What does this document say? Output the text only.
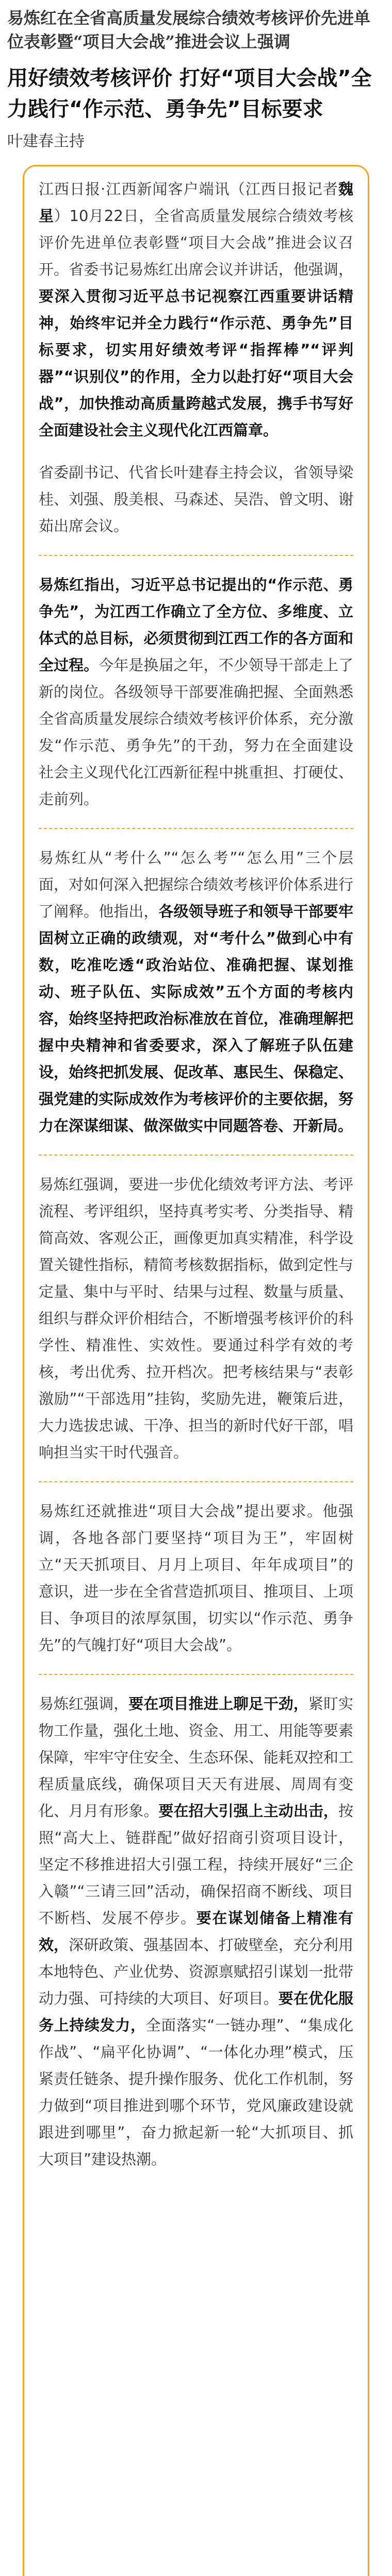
易炼红在全省高质量发展综合绩效考核评价先进单位表彰暨“项目大会战”推进会议上强调
用好绩效考核评价 打好“项目大会战”全力践行“作示范、勇争先”目标要求
叶建春主持

江西日报·江西新闻客户端讯（江西日报记者魏星）10月22日，全省高质量发展综合绩效考核评价先进单位表彰暨“项目大会战”推进会议召开。省委书记易炼红出席会议并讲话，他强调，要深入贯彻习近平总书记视察江西重要讲话精神，始终牢记并全力践行“作示范、勇争先”目标要求，切实用好绩效考评“指挥棒”“评判器”“识别仪”的作用，全力以赴打好“项目大会战”，加快推动高质量跨越式发展，携手书写好全面建设社会主义现代化江西篇章。

省委副书记、代省长叶建春主持会议，省领导梁桂、刘强、殷美根、马森述、吴浩、曾文明、谢茹出席会议。

易炼红指出，习近平总书记提出的“作示范、勇争先”，为江西工作确立了全方位、多维度、立体式的总目标，必须贯彻到江西工作的各方面和全过程。今年是换届之年，不少领导干部走上了新的岗位。各级领导干部要准确把握、全面熟悉全省高质量发展综合绩效考核评价体系，充分激发“作示范、勇争先”的干劲，努力在全面建设社会主义现代化江西新征程中挑重担、打硬仗、走前列。

易炼红从“考什么”“怎么考”“怎么用”三个层面，对如何深入把握综合绩效考核评价体系进行了阐释。他指出，各级领导班子和领导干部要牢固树立正确的政绩观，对“考什么”做到心中有数，吃准吃透“政治站位、准确把握、谋划推动、班子队伍、实际成效”五个方面的考核内容，始终坚持把政治标准放在首位，准确理解把握中央精神和省委要求，深入了解班子队伍建设，始终把抓发展、促改革、惠民生、保稳定、强党建的实际成效作为考核评价的主要依据，努力在深谋细谋、做深做实中同题答卷、开新局。

易炼红强调，要进一步优化绩效考评方法、考评流程、考评组织，坚持真考实考、分类指导、精简高效、客观公正，画像更加真实精准，科学设置关键性指标，精简考核数据指标，做到定性与定量、集中与平时、结果与过程、数量与质量、组织与群众评价相结合，不断增强考核评价的科学性、精准性、实效性。要通过科学有效的考核，考出优秀、拉开档次。把考核结果与“表彰激励”“干部选用”挂钩，奖励先进，鞭策后进，大力选拔忠诚、干净、担当的新时代好干部，唱响担当实干时代强音。

易炼红还就推进“项目大会战”提出要求。他强调，各地各部门要坚持“项目为王”，牢固树立“天天抓项目、月月上项目、年年成项目”的意识，进一步在全省营造抓项目、推项目、上项目、争项目的浓厚氛围，切实以“作示范、勇争先”的气魄打好“项目大会战”。

易炼红强调，要在项目推进上聊足干劲，紧盯实物工作量，强化土地、资金、用工、用能等要素保障，牢牢守住安全、生态环保、能耗双控和工程质量底线，确保项目天天有进展、周周有变化、月月有形象。要在招大引强上主动出击，按照“高大上、链群配”做好招商引资项目设计，坚定不移推进招大引强工程，持续开展好“三企入赣”“三请三回”活动，确保招商不断线、项目不断档、发展不停步。要在谋划储备上精准有效，深研政策、强基固本、打破壁垒，充分利用本地特色、产业优势、资源禀赋招引谋划一批带动力强、可持续的大项目、好项目。要在优化服务上持续发力，全面落实“一链办理”、“集成化作战”、“扁平化协调”、“一体化办理”模式，压紧责任链条、提升操作服务、优化工作机制，努力做到“项目推进到哪个环节，党风廉政建设就跟进到哪里”，奋力掀起新一轮“大抓项目、抓大项目”建设热潮。
